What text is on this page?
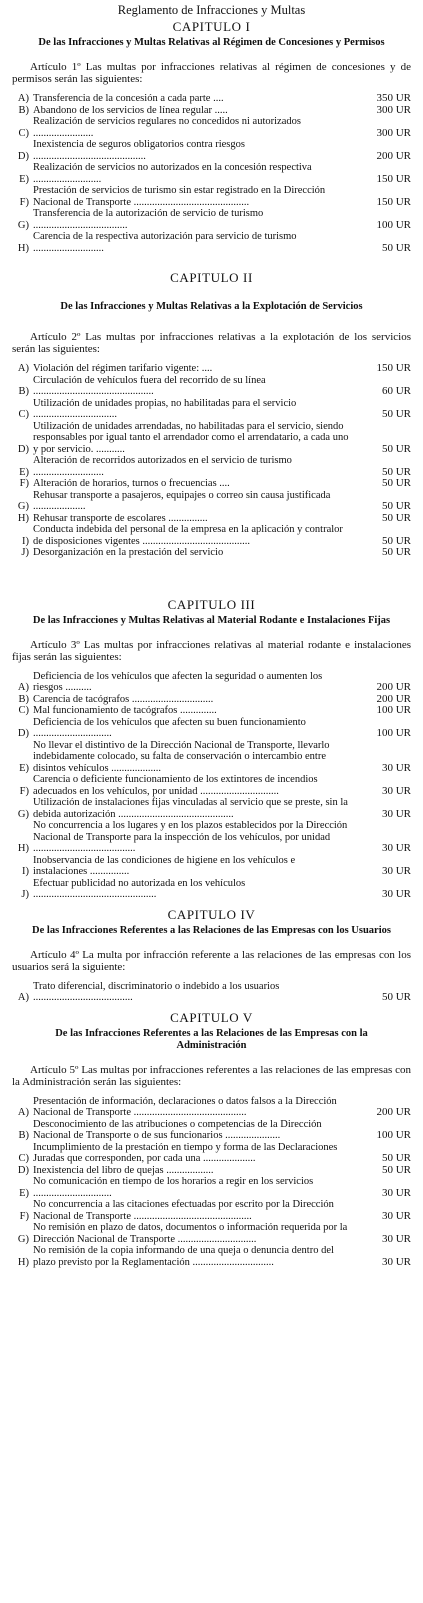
Reglamento de Infracciones y Multas
CAPITULO I
De las Infracciones y Multas Relativas al Régimen de Concesiones y Permisos
Artículo 1º Las multas por infracciones relativas al régimen de concesiones y de permisos serán las siguientes:
A) Transferencia de la concesión a cada parte ....	350 UR
B) Abandono de los servicios de línea regular .....	300 UR
C)
Realización de servicios regulares no concedidos ni autorizados .......................	300 UR
D)
Inexistencia de seguros obligatorios contra riesgos ...........................................	200 UR
E)
Realización de servicios no autorizados en la concesión respectiva ..........................	150 UR
F)
Prestación de servicios de turismo sin estar registrado en la Dirección Nacional de Transporte ............................................	150 UR
G)
Transferencia de la autorización de servicio de turismo ....................................	100 UR
H)
Carencia de la respectiva autorización para servicio de turismo ...........................	50 UR
CAPITULO II
De las Infracciones y Multas Relativas a la Explotación de Servicios
Artículo 2º Las multas por infracciones relativas a la explotación de los servicios serán las siguientes:
A) Violación del régimen tarifario vigente: ....	150 UR
B)
Circulación de vehículos fuera del recorrido de su línea ..............................................	60 UR
C)
Utilización de unidades propias, no habilitadas para el servicio ................................	50 UR
D)
Utilización de unidades arrendadas, no habilitadas para el servicio, siendo responsables por igual tanto el arrendador como el arrendatario, a cada uno y por servicio. ...........	50 UR
E)
Alteración de recorridos autorizados en el servicio de turismo ...........................	50 UR
F) Alteración de horarios, turnos o frecuencias ....	50 UR
G)
Rehusar transporte a pasajeros, equipajes o correo sin causa justificada ....................	50 UR
H) Rehusar transporte de escolares ...............	50 UR
I)
Conducta indebida del personal de la empresa en la aplicación y contralor de disposiciones vigentes .........................................	50 UR
J) Desorganización en la prestación del servicio	50 UR
CAPITULO III
De las Infracciones y Multas Relativas al Material Rodante e Instalaciones Fijas
Artículo 3º Las multas por infracciones relativas al material rodante e instalaciones fijas serán las siguientes:
A)
Deficiencia de los vehículos que afecten la seguridad o aumenten los riesgos ..........	200 UR
B) Carencia de tacógrafos ...............................	200 UR
C) Mal funcionamiento de tacógrafos ..............	100 UR
D)
Deficiencia de los vehículos que afecten su buen funcionamiento ..............................	100 UR
E)
No llevar el distintivo de la Dirección Nacional de Transporte, llevarlo indebidamente colocado, su falta de conservación o intercambio entre disintos vehículos ...................	30 UR
F)
Carencia o deficiente funcionamiento de los extintores de incendios adecuados en los vehículos, por unidad ..............................	30 UR
G)
Utilización de instalaciones fijas vinculadas al servicio que se preste, sin la debida autorización ............................................	30 UR
H)
No concurrencia a los lugares y en los plazos establecidos por la Dirección Nacional de Transporte para la inspección de los vehículos, por unidad .......................................	30 UR
I)
Inobservancia de las condiciones de higiene en los vehículos e instalaciones ...............	30 UR
J)
Efectuar publicidad no autorizada en los vehículos ...............................................	30 UR
CAPITULO IV
De las Infracciones Referentes a las Relaciones de las Empresas con los Usuarios
Artículo 4º La multa por infracción referente a las relaciones de las empresas con los usuarios será la siguiente:
A)
Trato diferencial, discriminatorio o indebido a los usuarios ......................................	50 UR
CAPITULO V
De las Infracciones Referentes a las Relaciones de las Empresas con la Administración
Artículo 5º Las multas por infracciones referentes a las relaciones de las empresas con la Administración serán las siguientes:
A)
Presentación de información, declaraciones o datos falsos a la Dirección Nacional de Transporte ...........................................	200 UR
B)
Desconocimiento de las atribuciones o competencias de la Dirección Nacional de Transporte o de sus funcionarios .....................	100 UR
C)
Incumplimiento de la prestación en tiempo y forma de las Declaraciones Juradas que corresponden, por cada una ....................	50 UR
D) Inexistencia del libro de quejas ..................	50 UR
E)
No comunicación en tiempo de los horarios a regir en los servicios ..............................	30 UR
F)
No concurrencia a las citaciones efectuadas por escrito por la Dirección Nacional de Transporte .............................................	30 UR
G)
No remisión en plazo de datos, documentos o información requerida por la Dirección Nacional de Transporte ..............................	30 UR
H)
No remisión de la copia informando de una queja o denuncia dentro del plazo previsto por la Reglamentación ...............................	30 UR
